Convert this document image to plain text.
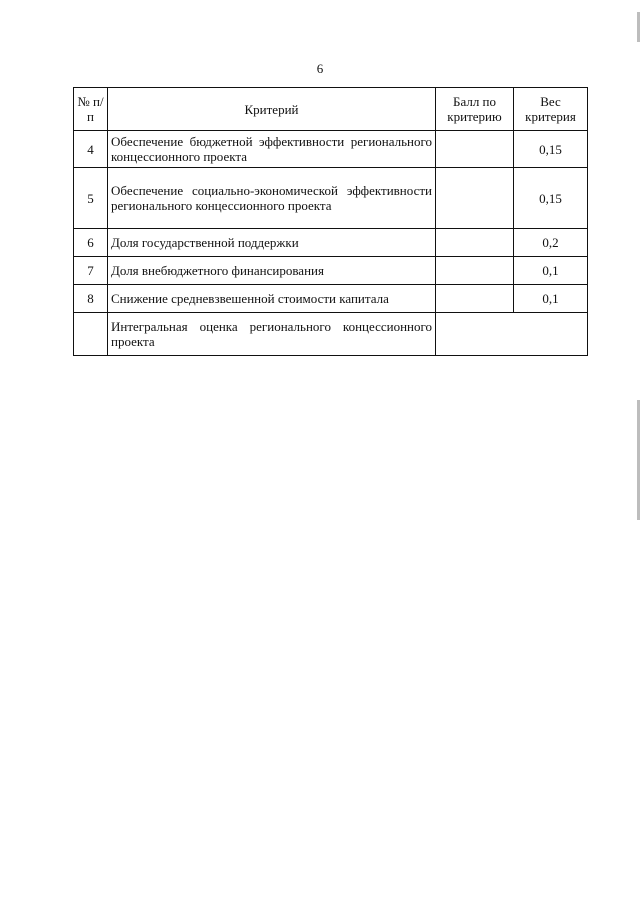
6
№ п/п	Критерий	Балл по критерию	Вес критерия
4	Обеспечение бюджетной эффективности регионального концессионного проекта		0,15
5	Обеспечение социально-экономической эффективности регионального концессионного проекта		0,15
6	Доля государственной поддержки		0,2
7	Доля внебюджетного финансирования		0,1
8	Снижение средневзвешенной стоимости капитала		0,1
	Интегральная оценка регионального концессионного проекта		
